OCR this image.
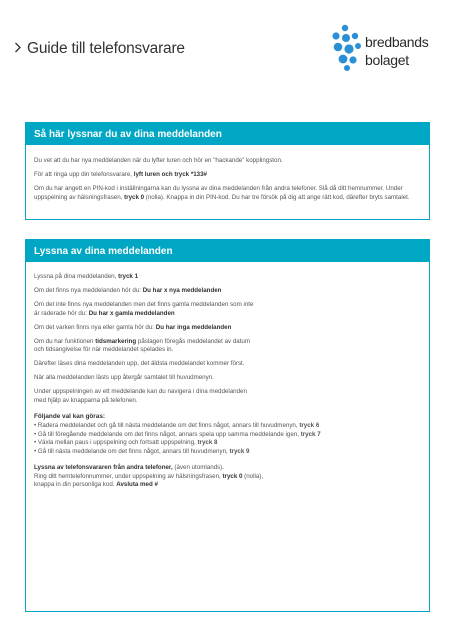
Guide till telefonsvarare	bredbands
bolaget
Så här lyssnar du av dina meddelanden

Du vet att du har nya meddelanden när du lyfter luren och hör en "hackande" kopplingston.

För att ringa upp din telefonsvarare, lyft luren och tryck *133#

Om du har angett en PIN-kod i inställningarna kan du lyssna av dina meddelanden från andra telefoner. Slå då ditt hemnummer. Under uppspelning av hälsningsfrasen, tryck 0 (nolla). Knappa in din PIN-kod. Du har tre försök på dig att ange rätt kod, därefter bryts samtalet.

Lyssna av dina meddelanden

Lyssna på dina meddelanden, tryck 1

Om det finns nya meddelanden hör du: Du har x nya meddelanden

Om det inte finns nya meddelanden men det finns gamla meddelanden som inte
är raderade hör du: Du har x gamla meddelanden

Om det varken finns nya eller gamla hör du: Du har inga meddelanden

Om du har funktionen tidsmarkering påslagen föregås meddelandet av datum
och tidsangivelse för när meddelandet spelades in.

Därefter läses dina meddelanden upp, det äldsta meddelandet kommer först.

När alla meddelanden lästs upp återgår samtalet till huvudmenyn.

Under uppspelningen av ett meddelande kan du navigera i dina meddelanden
med hjälp av knapparna på telefonen.

Följande val kan göras:
• Radera meddelandet och gå till nästa meddelande om det finns något, annars till huvudmenyn, tryck 6
• Gå till föregående meddelande om det finns något, annars spela upp samma meddelande igen, tryck 7
• Växla mellan paus i uppspelning och fortsatt uppspelning, tryck 8
• Gå till nästa meddelande om det finns något, annars till huvudmenyn, tryck 9

Lyssna av telefonsvararen från andra telefoner, (även utomlands).
Ring ditt hemtelefonnummer, under uppspelning av hälsningsfrasen, tryck 0 (nolla),
knappa in din personliga kod. Avsluta med #
